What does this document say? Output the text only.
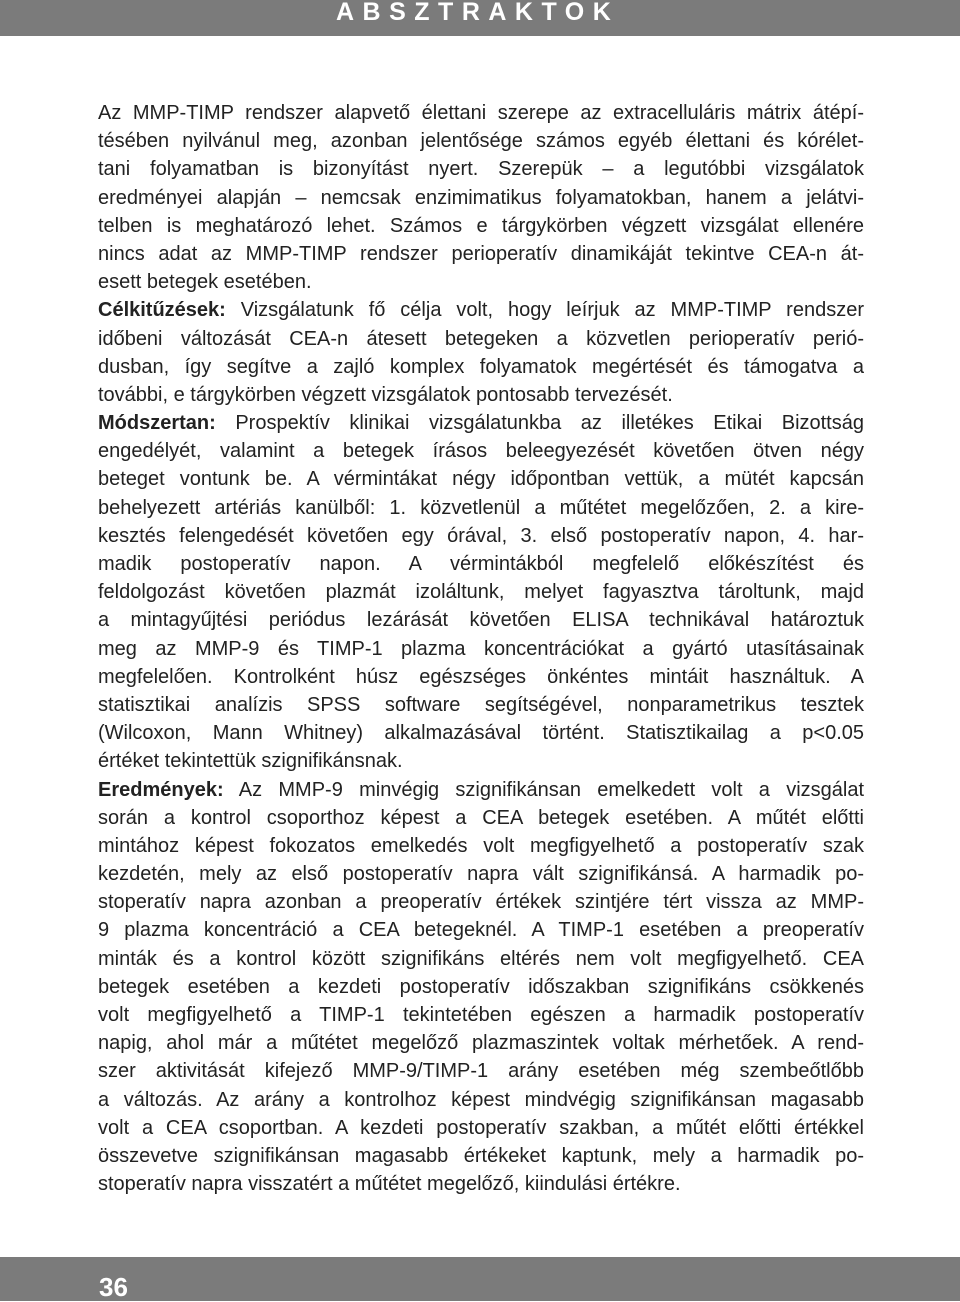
ABSZTRAKTOK
Az MMP-TIMP rendszer alapvető élettani szerepe az extracelluláris mátrix átépí-
tésében nyilvánul meg, azonban jelentősége számos egyéb élettani és kórélet-
tani folyamatban is bizonyítást nyert. Szerepük – a legutóbbi vizsgálatok
eredményei alapján – nemcsak enzimimatikus folyamatokban, hanem a jelátvi-
telben is meghatározó lehet. Számos e tárgykörben végzett vizsgálat ellenére
nincs adat az MMP-TIMP rendszer perioperatív dinamikáját tekintve CEA-n át-
esett betegek esetében.
Célkitűzések: Vizsgálatunk fő célja volt, hogy leírjuk az MMP-TIMP rendszer
időbeni változását CEA-n átesett betegeken a közvetlen perioperatív perió-
dusban, így segítve a zajló komplex folyamatok megértését és támogatva a
további, e tárgykörben végzett vizsgálatok pontosabb tervezését.
Módszertan: Prospektív klinikai vizsgálatunkba az illetékes Etikai Bizottság
engedélyét, valamint a betegek írásos beleegyezését követően ötven négy
beteget vontunk be. A vérmintákat négy időpontban vettük, a mütét kapcsán
behelyezett artériás kanülből: 1. közvetlenül a műtétet megelőzően, 2. a kire-
kesztés felengedését követően egy órával, 3. első postoperatív napon, 4. har-
madik postoperatív napon. A vérmintákból megfelelő előkészítést és
feldolgozást követően plazmát izoláltunk, melyet fagyasztva tároltunk, majd
a mintagyűjtési periódus lezárását követően ELISA technikával határoztuk
meg az MMP-9 és TIMP-1 plazma koncentrációkat a gyártó utasításainak
megfelelően. Kontrolként húsz egészséges önkéntes mintáit használtuk. A
statisztikai analízis SPSS software segítségével, nonparametrikus tesztek
(Wilcoxon, Mann Whitney) alkalmazásával történt. Statisztikailag a p<0.05
értéket tekintettük szignifikánsnak.
Eredmények: Az MMP-9 minvégig szignifikánsan emelkedett volt a vizsgálat
során a kontrol csoporthoz képest a CEA betegek esetében. A műtét előtti
mintához képest fokozatos emelkedés volt megfigyelhető a postoperatív szak
kezdetén, mely az első postoperatív napra vált szignifikánsá. A harmadik po-
stoperatív napra azonban a preoperatív értékek szintjére tért vissza az MMP-
9 plazma koncentráció a CEA betegeknél. A TIMP-1 esetében a preoperatív
minták és a kontrol között szignifikáns eltérés nem volt megfigyelhető. CEA
betegek esetében a kezdeti postoperatív időszakban szignifikáns csökkenés
volt megfigyelhető a TIMP-1 tekintetében egészen a harmadik postoperatív
napig, ahol már a műtétet megelőző plazmaszintek voltak mérhetőek. A rend-
szer aktivitását kifejező MMP-9/TIMP-1 arány esetében még szembeőtlőbb
a változás. Az arány a kontrolhoz képest mindvégig szignifikánsan magasabb
volt a CEA csoportban. A kezdeti postoperatív szakban, a műtét előtti értékkel
összevetve szignifikánsan magasabb értékeket kaptunk, mely a harmadik po-
stoperatív napra visszatért a műtétet megelőző, kiindulási értékre.
36
